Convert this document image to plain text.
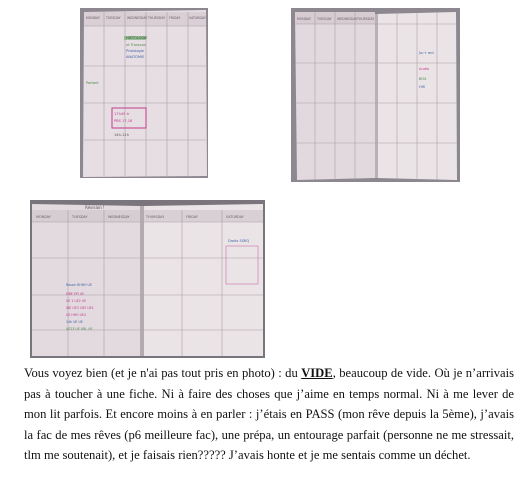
MONDAY	TUESDAY WEDNESDAY THURSDAY FRIDAY	SATURDAY
HISTOLOGIE
nt Tronscos
Prisiologie
ANATOMIE
Partant
17h45 tr
PBS 17,18
14h-11h
MONDAY	TUESDAY WEDNESDAY THURSDAY
Jur+ ent
Audio
BOX
HIS
Révision !
MONDAY	TUESDAY	WEDNESDAY	THURSDAY	FRIDAY	SATURDAY
Droits SSRQ
Rasoir HHHH UE
MBE EPI UE
UE 1 UE2 UE
INE UE3 CB3 UE4
UE HHH UE4
14h UE UE
UE23 UE URL UE

Vous voyez bien (et je n'ai pas tout pris en photo) : du VIDE, beaucoup de vide. Où je n’arrivais pas à toucher à une fiche. Ni à faire des choses que j’aime en temps normal. Ni à me lever de mon lit parfois. Et encore moins à en parler : j’étais en PASS (mon rêve depuis la 5ème), j’avais la fac de mes rêves (p6 meilleure fac), une prépa, un entourage parfait (personne ne me stressait, tlm me soutenait), et je faisais rien????? J’avais honte et je me sentais comme un déchet.
